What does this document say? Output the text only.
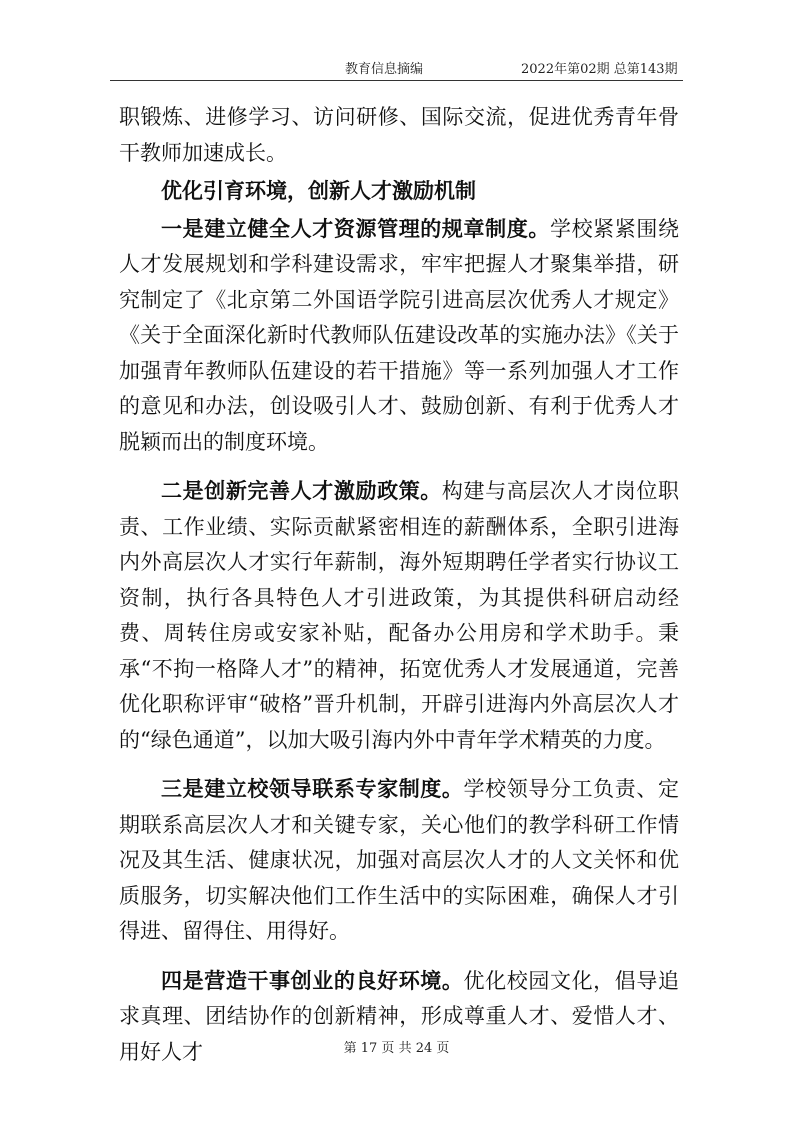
教育信息摘编	2022年第02期 总第143期

职锻炼、进修学习、访问研修、国际交流，促进优秀青年骨干教师加速成长。

优化引育环境，创新人才激励机制

一是建立健全人才资源管理的规章制度。学校紧紧围绕人才发展规划和学科建设需求，牢牢把握人才聚集举措，研究制定了《北京第二外国语学院引进高层次优秀人才规定》《关于全面深化新时代教师队伍建设改革的实施办法》《关于加强青年教师队伍建设的若干措施》等一系列加强人才工作的意见和办法，创设吸引人才、鼓励创新、有利于优秀人才脱颖而出的制度环境。

二是创新完善人才激励政策。构建与高层次人才岗位职责、工作业绩、实际贡献紧密相连的薪酬体系，全职引进海内外高层次人才实行年薪制，海外短期聘任学者实行协议工资制，执行各具特色人才引进政策，为其提供科研启动经费、周转住房或安家补贴，配备办公用房和学术助手。秉承“不拘一格降人才”的精神，拓宽优秀人才发展通道，完善优化职称评审“破格”晋升机制，开辟引进海内外高层次人才的“绿色通道”，以加大吸引海内外中青年学术精英的力度。

三是建立校领导联系专家制度。学校领导分工负责、定期联系高层次人才和关键专家，关心他们的教学科研工作情况及其生活、健康状况，加强对高层次人才的人文关怀和优质服务，切实解决他们工作生活中的实际困难，确保人才引得进、留得住、用得好。

四是营造干事创业的良好环境。优化校园文化，倡导追求真理、团结协作的创新精神，形成尊重人才、爱惜人才、用好人才	第 17 页 共 24 页
